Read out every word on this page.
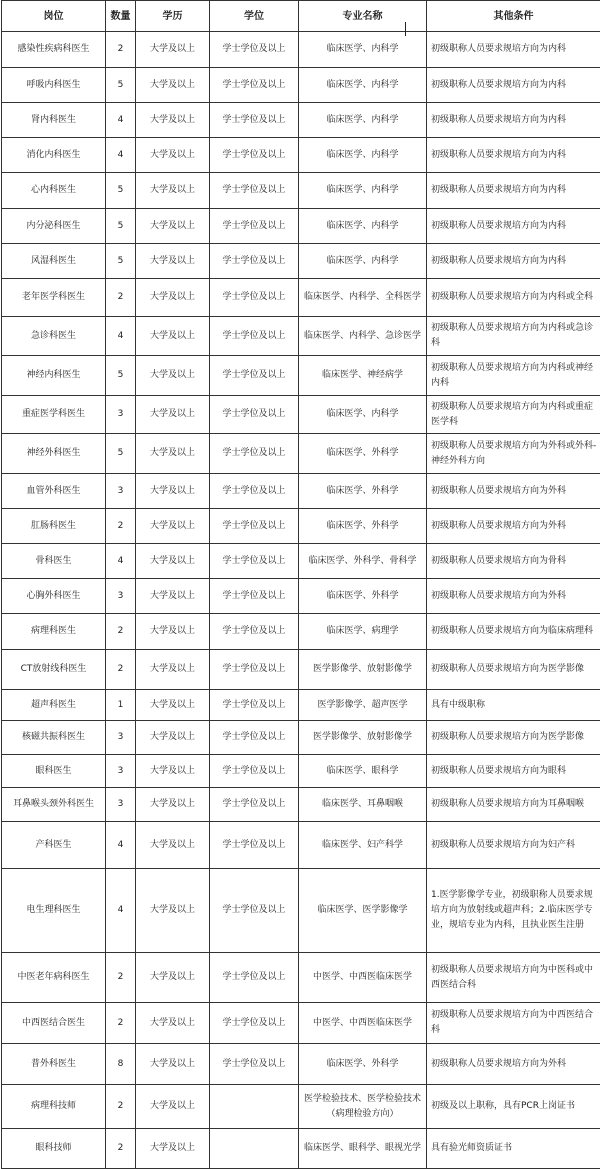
岗位	数量	学历	学位	专业名称	其他条件
感染性疾病科医生	2	大学及以上	学士学位及以上	临床医学、内科学	初级职称人员要求规培方向为内科
呼吸内科医生	5	大学及以上	学士学位及以上	临床医学、内科学	初级职称人员要求规培方向为内科
肾内科医生	4	大学及以上	学士学位及以上	临床医学、内科学	初级职称人员要求规培方向为内科
消化内科医生	4	大学及以上	学士学位及以上	临床医学、内科学	初级职称人员要求规培方向为内科
心内科医生	5	大学及以上	学士学位及以上	临床医学、内科学	初级职称人员要求规培方向为内科
内分泌科医生	5	大学及以上	学士学位及以上	临床医学、内科学	初级职称人员要求规培方向为内科
风湿科医生	5	大学及以上	学士学位及以上	临床医学、内科学	初级职称人员要求规培方向为内科
老年医学科医生	2	大学及以上	学士学位及以上	临床医学、内科学、全科医学	初级职称人员要求规培方向为内科或全科
急诊科医生	4	大学及以上	学士学位及以上	临床医学、内科学、急诊医学	初级职称人员要求规培方向为内科或急诊科
神经内科医生	5	大学及以上	学士学位及以上	临床医学、神经病学	初级职称人员要求规培方向为内科或神经内科
重症医学科医生	3	大学及以上	学士学位及以上	临床医学、内科学	初级职称人员要求规培方向为内科或重症医学科
神经外科医生	5	大学及以上	学士学位及以上	临床医学、外科学	初级职称人员要求规培方向为外科或外科-神经外科方向
血管外科医生	3	大学及以上	学士学位及以上	临床医学、外科学	初级职称人员要求规培方向为外科
肛肠科医生	2	大学及以上	学士学位及以上	临床医学、外科学	初级职称人员要求规培方向为外科
骨科医生	4	大学及以上	学士学位及以上	临床医学、外科学、骨科学	初级职称人员要求规培方向为骨科
心胸外科医生	3	大学及以上	学士学位及以上	临床医学、外科学	初级职称人员要求规培方向为外科
病理科医生	2	大学及以上	学士学位及以上	临床医学、病理学	初级职称人员要求规培方向为临床病理科
CT放射线科医生	2	大学及以上	学士学位及以上	医学影像学、放射影像学	初级职称人员要求规培方向为医学影像
超声科医生	1	大学及以上	学士学位及以上	医学影像学、超声医学	具有中级职称
核磁共振科医生	3	大学及以上	学士学位及以上	医学影像学、放射影像学	初级职称人员要求规培方向为医学影像
眼科医生	3	大学及以上	学士学位及以上	临床医学、眼科学	初级职称人员要求规培方向为眼科
耳鼻喉头颈外科医生	3	大学及以上	学士学位及以上	临床医学、耳鼻咽喉	初级职称人员要求规培方向为耳鼻咽喉
产科医生	4	大学及以上	学士学位及以上	临床医学、妇产科学	初级职称人员要求规培方向为妇产科
电生理科医生	4	大学及以上	学士学位及以上	临床医学、医学影像学	1.医学影像学专业，初级职称人员要求规培方向为放射线或超声科；2.临床医学专业，规培专业为内科，且执业医生注册
中医老年病科医生	2	大学及以上	学士学位及以上	中医学、中西医临床医学	初级职称人员要求规培方向为中医科或中西医结合科
中西医结合医生	2	大学及以上	学士学位及以上	中医学、中西医临床医学	初级职称人员要求规培方向为中西医结合科
普外科医生	8	大学及以上	学士学位及以上	临床医学、外科学	初级职称人员要求规培方向为外科
病理科技师	2	大学及以上		医学检验技术、医学检验技术（病理检验方向）	初级及以上职称，具有PCR上岗证书
眼科技师	2	大学及以上		临床医学、眼科学、眼视光学	具有验光师资质证书
